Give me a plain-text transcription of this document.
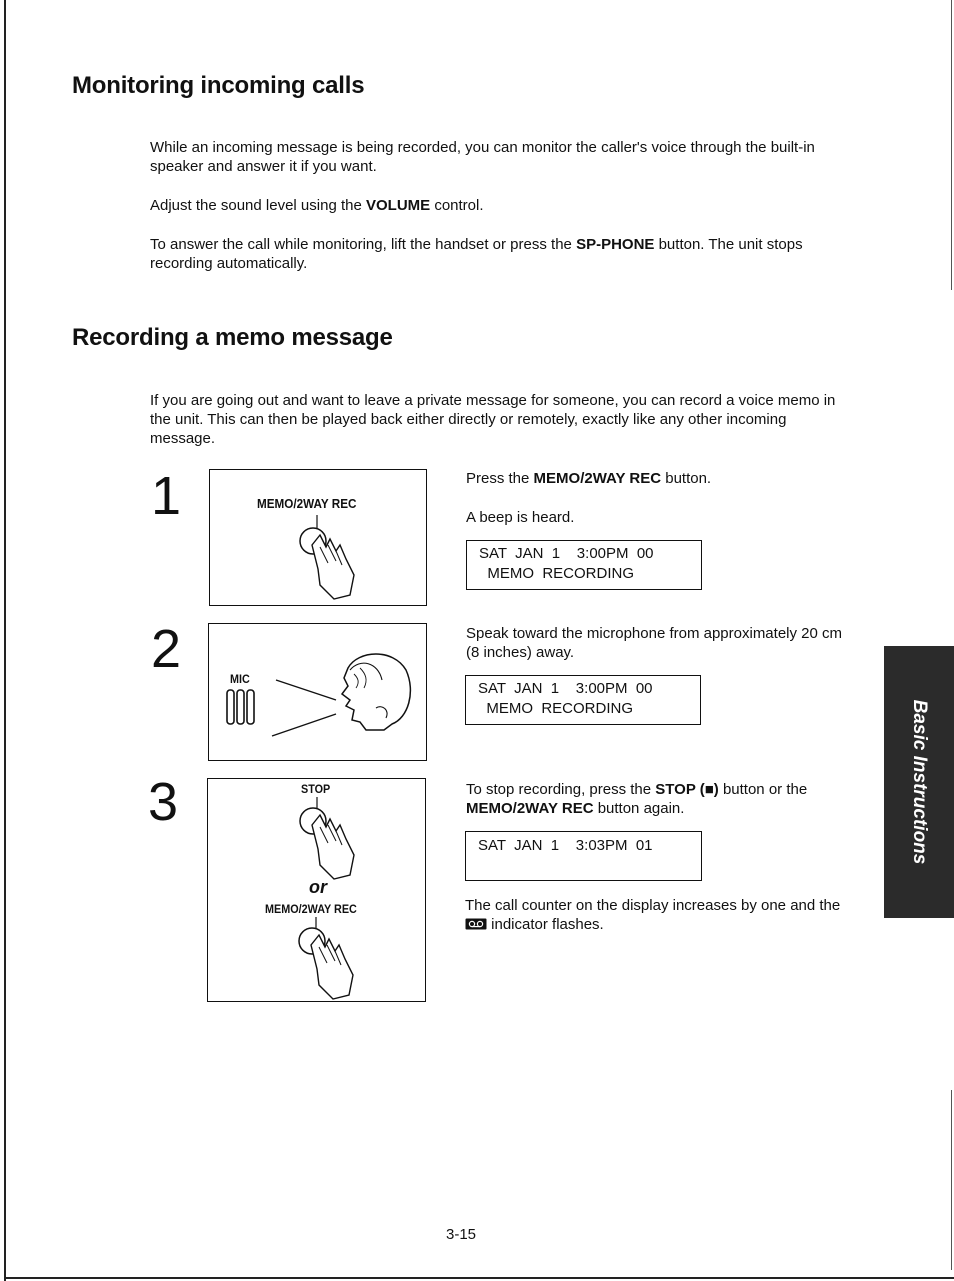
Monitoring incoming calls

While an incoming message is being recorded, you can monitor the caller's voice through the built-in speaker and answer it if you want.

Adjust the sound level using the VOLUME control.

To answer the call while monitoring, lift the handset or press the SP-PHONE button. The unit stops recording automatically.

Recording a memo message

If you are going out and want to leave a private message for someone, you can record a voice memo in the unit. This can then be played back either directly or remotely, exactly like any other incoming message.

1	MEMO/2WAY REC

Press the MEMO/2WAY REC button.

A beep is heard.

SAT  JAN  1    3:00PM  00
MEMO  RECORDING
2	MIC

Speak toward the microphone from approximately 20 cm (8 inches) away.

SAT  JAN  1    3:00PM  00
MEMO  RECORDING
3	STOP
or
MEMO/2WAY REC

To stop recording, press the STOP (■) button or the MEMO/2WAY REC button again.

SAT  JAN  1    3:03PM  01

The call counter on the display increases by one and the  indicator flashes.

Basic Instructions
3-15
